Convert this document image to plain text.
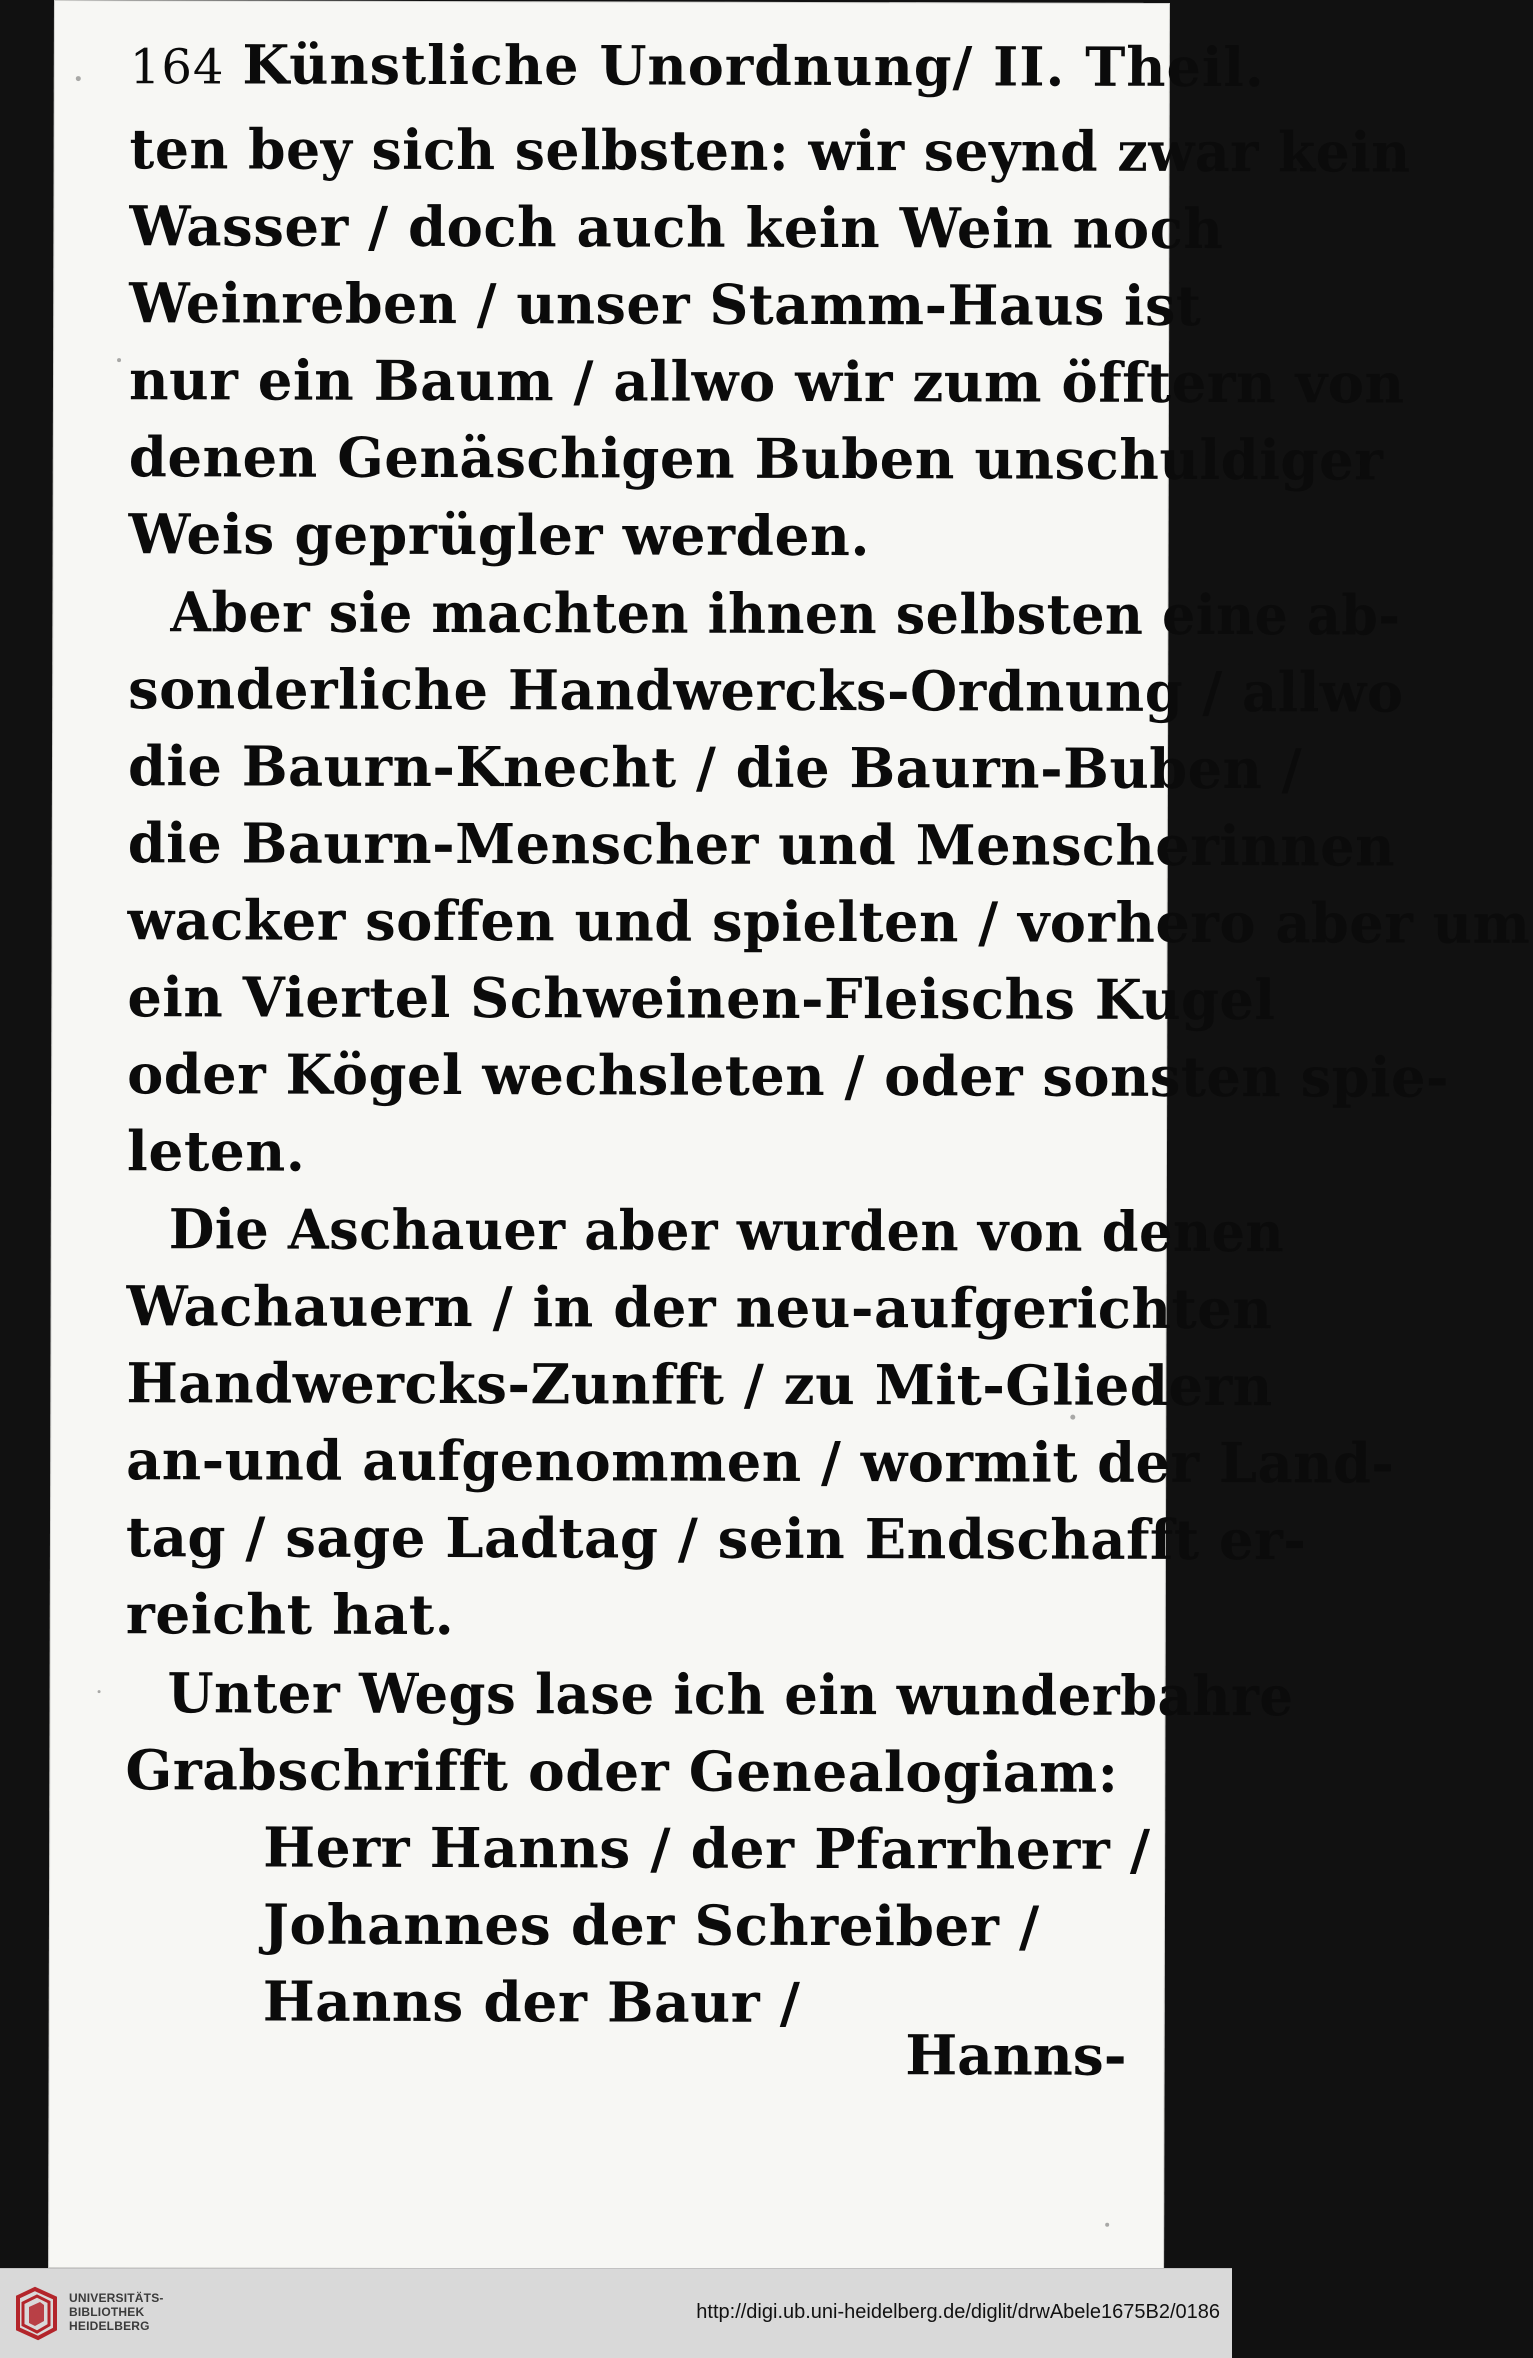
164 Künstliche Unordnung/ II. Theil.
ten bey sich selbsten: wir seynd zwar kein
Wasser / doch auch kein Wein noch
Weinreben / unser Stamm-Haus ist
nur ein Baum / allwo wir zum öfftern von
denen Genäschigen Buben unschuldiger
Weis geprügler werden.
Aber sie machten ihnen selbsten eine ab-
sonderliche Handwercks-Ordnung / allwo
die Baurn-Knecht / die Baurn-Buben /
die Baurn-Menscher und Menscherinnen
wacker soffen und spielten / vorhero aber um
ein Viertel Schweinen-Fleischs Kugel
oder Kögel wechsleten / oder sonsten spie-
leten.
Die Aschauer aber wurden von denen
Wachauern / in der neu-aufgerichten
Handwercks-Zunfft / zu Mit-Gliedern
an-und aufgenommen / wormit der Land-
tag / sage Ladtag / sein Endschafft er-
reicht hat.
Unter Wegs lase ich ein wunderbahre
Grabschrifft oder Genealogiam:
Herr Hanns / der Pfarrherr /
Johannes der Schreiber /
Hanns der Baur /
Hanns-
UNIVERSITÄTS-
BIBLIOTHEK
HEIDELBERG
http://digi.ub.uni-heidelberg.de/diglit/drwAbele1675B2/0186
